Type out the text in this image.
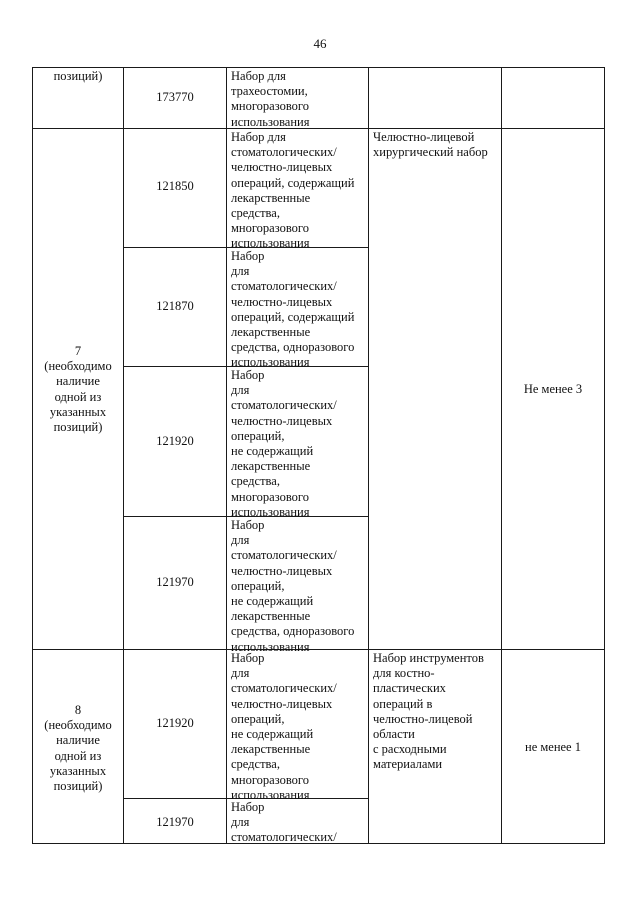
46
позиций)
173770
Набор для
трахеостомии,
многоразового
использования
7
(необходимо
наличие
одной из
указанных
позиций)
Челюстно-лицевой
хирургический набор
Не менее 3
121850
Набор для
стоматологических/
челюстно-лицевых
операций, содержащий
лекарственные
средства,
многоразового
использования
121870
Набор
для
стоматологических/
челюстно-лицевых
операций, содержащий
лекарственные
средства, одноразового
использования
121920
Набор
для
стоматологических/
челюстно-лицевых
операций,
не содержащий
лекарственные
средства,
многоразового
использования
121970
Набор
для
стоматологических/
челюстно-лицевых
операций,
не содержащий
лекарственные
средства, одноразового
использования
8
(необходимо
наличие
одной из
указанных
позиций)
Набор инструментов
для костно-
пластических
операций в
челюстно-лицевой
области
с расходными
материалами
не менее 1
121920
Набор
для
стоматологических/
челюстно-лицевых
операций,
не содержащий
лекарственные
средства,
многоразового
использования
121970
Набор
для
стоматологических/
